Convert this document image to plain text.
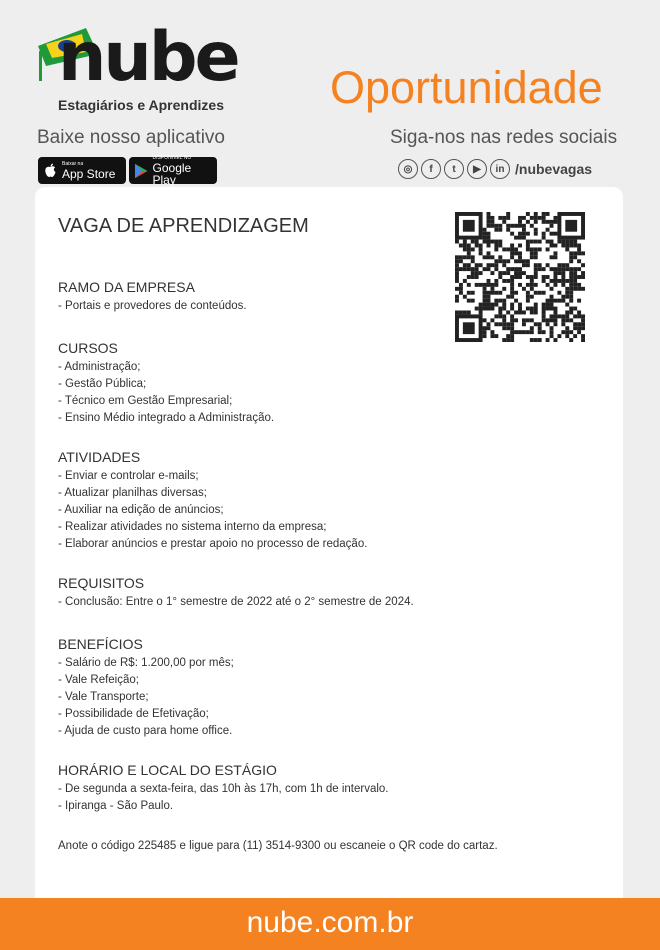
nube
Estagiários e Aprendizes Oportunidade
Baixe nosso aplicativo	Siga-nos nas redes sociais
Baixar na
App Store
DISPONÍVEL NO
Google Play
◎	f	t	▶	in /nubevagas
VAGA DE APRENDIZAGEM
RAMO DA EMPRESA
- Portais e provedores de conteúdos.
CURSOS
- Administração;
- Gestão Pública;
- Técnico em Gestão Empresarial;
- Ensino Médio integrado a Administração.
ATIVIDADES
- Enviar e controlar e-mails;
- Atualizar planilhas diversas;
- Auxiliar na edição de anúncios;
- Realizar atividades no sistema interno da empresa;
- Elaborar anúncios e prestar apoio no processo de redação.
REQUISITOS
- Conclusão: Entre o 1° semestre de 2022 até o 2° semestre de 2024.
BENEFÍCIOS
- Salário de R$: 1.200,00 por mês;
- Vale Refeição;
- Vale Transporte;
- Possibilidade de Efetivação;
- Ajuda de custo para home office.
HORÁRIO E LOCAL DO ESTÁGIO
- De segunda a sexta-feira, das 10h às 17h, com 1h de intervalo.
- Ipiranga - São Paulo.
Anote o código 225485 e ligue para (11) 3514-9300 ou escaneie o QR code do cartaz.
nube.com.br
